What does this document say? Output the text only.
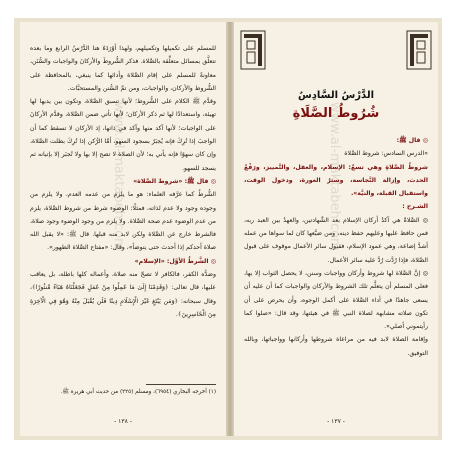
www.al-maktabeh.com

للمسلم على تكميلها وتكميلهم، ولهذا أوْرَدَهُ هنا الدَّرْسُ الرابع وما بعده تتعلَّق بمسائل متعلِّقة بالصَّلاة. فذكر الشُّروطَ والأركانَ والواجبات والسُّنَن، معاونةً للمسلم على إقام الصَّلاة وأدائها كما ينبغي، بالمحافظة على الشُّروط والأركان، والواجبات، ومن تمَّ السُّنن والمستحبَّات.

وقدَّم ﷺ الكلام على الشُّروط؛ لأنها تسبق الصَّلاة، وتكون بين يديها لها تهيئة، واستعدادًا لها ثم ذكر الأركان؛ لأنها تأتي ضمن الصَّلاة، وقدَّم الأركانَ على الواجبات؛ لأنها آكد منها وآكد في ذاتها، إذ الأركان لا تسقط كما أن الواجبَ إذا تُرِكَ فإنه يُجبَرُ بسجود السهو، أمَّا الرُّكن إذا تُرِكَ بطلت الصَّلاة، وإن كان سهوًا فإنه يأتي به؛ لأن الصلاة لا تصح إلا بها ولا تُجبَر إلا بإتيانه ثم يسجد للسهو.

◎ قال ﷺ: «شروط الصَّلاة»

الشُّرطُ كما عرَّفه العلماء: هو ما يلزم من عدمه العدم، ولا يلزم من وجوده وجود ولا عدم لذاته، فمثلًا: الوضوء شرط من شروط الصَّلاة، يلزم من عدم الوضوء عدم صحة الصَّلاة. ولا يلزم من وجود الوضوء وجود صلاة، فالشرط خارج عن الصَّلاة ولكن لابد منه قبلها. قال ﷺ: «لا يقبل الله صلاة أحدكم إذا أحدث حتى يتوضأ»، وقال: «مفتاح الصَّلاة الطهور».

◎ الشَّرطُ الأوَّل: «الإسلام»

وضدُّه الكفر، فالكافر لا تصحّ منه صلاة، وأعماله كلها باطلة، بل يعاقب عليها، قال تعالى: ﴿وَقَدِمْنَا إِلَىٰ مَا عَمِلُوا مِنْ عَمَلٍ فَجَعَلْنَاهُ هَبَاءً مَّنثُورًا﴾، وقال سبحانه: ﴿وَمَن يَبْتَغِ غَيْرَ الْإِسْلَامِ دِينًا فَلَن يُقْبَلَ مِنْهُ وَهُوَ فِي الْآخِرَةِ مِنَ الْخَاسِرِينَ﴾.

(١) أخرجه البخاري (٦٩٥٤)، ومسلم (٢٢٥) من حديث أبي هريرة ﷺ.
- ١٣٨ -
www.al-maktabeh.com
الدَّرْسُ السَّادِسُ
شُرُوطُ الصَّلَاةِ

◎ قال ﷺ:

«الدرس السادس: شروط الصَّلاة

شروطُ الصَّلاةِ وهي تسعٌ: الإسلام، والعقل، والتَّمييز، ورَفْعُ الحدث، وإزالة النَّجاسة، وسترُ العورة، ودخول الوقت، واستقبال القبلة، والنيَّة».

الشـرح :

◎ الصَّلاةُ هي آكدُ أركان الإسلام بعد الشَّهادتين، والعهدُ بين العبد ربه، فمن حافظ عليها وعليهم حفظ دينه، ومن ضيَّعها كان لما سواها من عمله أشدَّ إضاعة، وهي عمود الإسلام، فقبول سائر الأعمال موقوف على قبول الصَّلاة، فإذا رُدَّت رُدَّ عليه سائر الأعمال.

◎ إنَّ الصَّلاة لها شروط وأركان وواجبات وسنن، لا يحصل الثواب إلا بها، فعلى المسلم أن يتعلَّم تلك الشروط والأركان والواجبات كما أن عليه أن يسعى جاهدًا في أداء الصَّلاة على أكمل الوجوه، وأن يحرص على أن تكون صلاته مشابهة لصلاة النبي ﷺ في هيئتها، وقد قال: «صلوا كما رأيتموني أصلي».

وإقامة الصلاة لابد فيه من مراعاة شروطها وأركانها وواجباتها، وبالله التوفيق.

- ١٣٧ -
